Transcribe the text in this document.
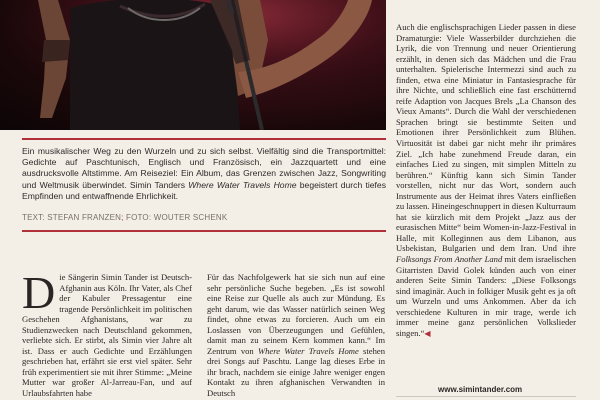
Ein musikalischer Weg zu den Wurzeln und zu sich selbst. Vielfältig sind die Transportmittel: Gedichte auf Paschtunisch, Englisch und Französisch, ein Jazzquartett und eine ausdrucksvolle Altstimme. Am Reiseziel: Ein Album, das Grenzen zwischen Jazz, Songwriting und Weltmusik überwindet. Simin Tanders Where Water Travels Home begeistert durch tiefes Empfinden und entwaffnende Ehrlichkeit.
TEXT: STEFAN FRANZEN; FOTO: WOUTER SCHENK

Die Sängerin Simin Tander ist Deutsch-Afghanin aus Köln. Ihr Vater, als Chef der Kabuler Pressagentur eine tragende Persönlichkeit im politischen Geschehen Afghanistans, war zu Studienzwecken nach Deutschland gekommen, verliebte sich. Er stirbt, als Simin vier Jahre alt ist. Dass er auch Gedichte und Erzählungen geschrieben hat, erfährt sie erst viel später. Sehr früh experimentiert sie mit ihrer Stimme: „Meine Mutter war großer Al-Jarreau-Fan, und auf Urlaubsfahrten habe

Für das Nachfolgewerk hat sie sich nun auf eine sehr persönliche Suche begeben. „Es ist sowohl eine Reise zur Quelle als auch zur Mündung. Es geht darum, wie das Wasser natürlich seinen Weg findet, ohne etwas zu forcieren. Auch um ein Loslassen von Überzeugungen und Gefühlen, damit man zu seinem Kern kommen kann.“ Im Zentrum von Where Water Travels Home stehen drei Songs auf Paschtu. Lange lag dieses Erbe in ihr brach, nachdem sie einige Jahre weniger engen Kontakt zu ihren afghanischen Verwandten in Deutsch

Auch die englischsprachigen Lieder passen in diese Dramaturgie: Viele Wasserbilder durchziehen die Lyrik, die von Trennung und neuer Orientierung erzählt, in denen sich das Mädchen und die Frau unterhalten. Spielerische Intermezzi sind auch zu finden, etwa eine Miniatur in Fantasiesprache für ihre Nichte, und schließlich eine fast erschütternd reife Adaption von Jacques Brels „La Chanson des Vieux Amants“. Durch die Wahl der verschiedenen Sprachen bringt sie bestimmte Seiten und Emotionen ihrer Persönlichkeit zum Blühen. Virtuosität ist dabei gar nicht mehr ihr primäres Ziel. „Ich habe zunehmend Freude daran, ein einfaches Lied zu singen, mit simplen Mitteln zu berühren.“ Künftig kann sich Simin Tander vorstellen, nicht nur das Wort, sondern auch Instrumente aus der Heimat ihres Vaters einfließen zu lassen. Hineingeschnuppert in diesen Kulturraum hat sie kürzlich mit dem Projekt „Jazz aus der eurasischen Mitte“ beim Women-in-Jazz-Festival in Halle, mit Kolleginnen aus dem Libanon, aus Usbekistan, Bulgarien und dem Iran. Und ihre Folksongs From Another Land mit dem israelischen Gitarristen David Golek künden auch von einer anderen Seite Simin Tanders: „Diese Folksongs sind imaginär. Auch in folkiger Musik geht es ja oft um Wurzeln und ums Ankommen. Aber da ich verschiedene Kulturen in mir trage, werde ich immer meine ganz persönlichen Volkslieder singen.“◀

www.simintander.com
